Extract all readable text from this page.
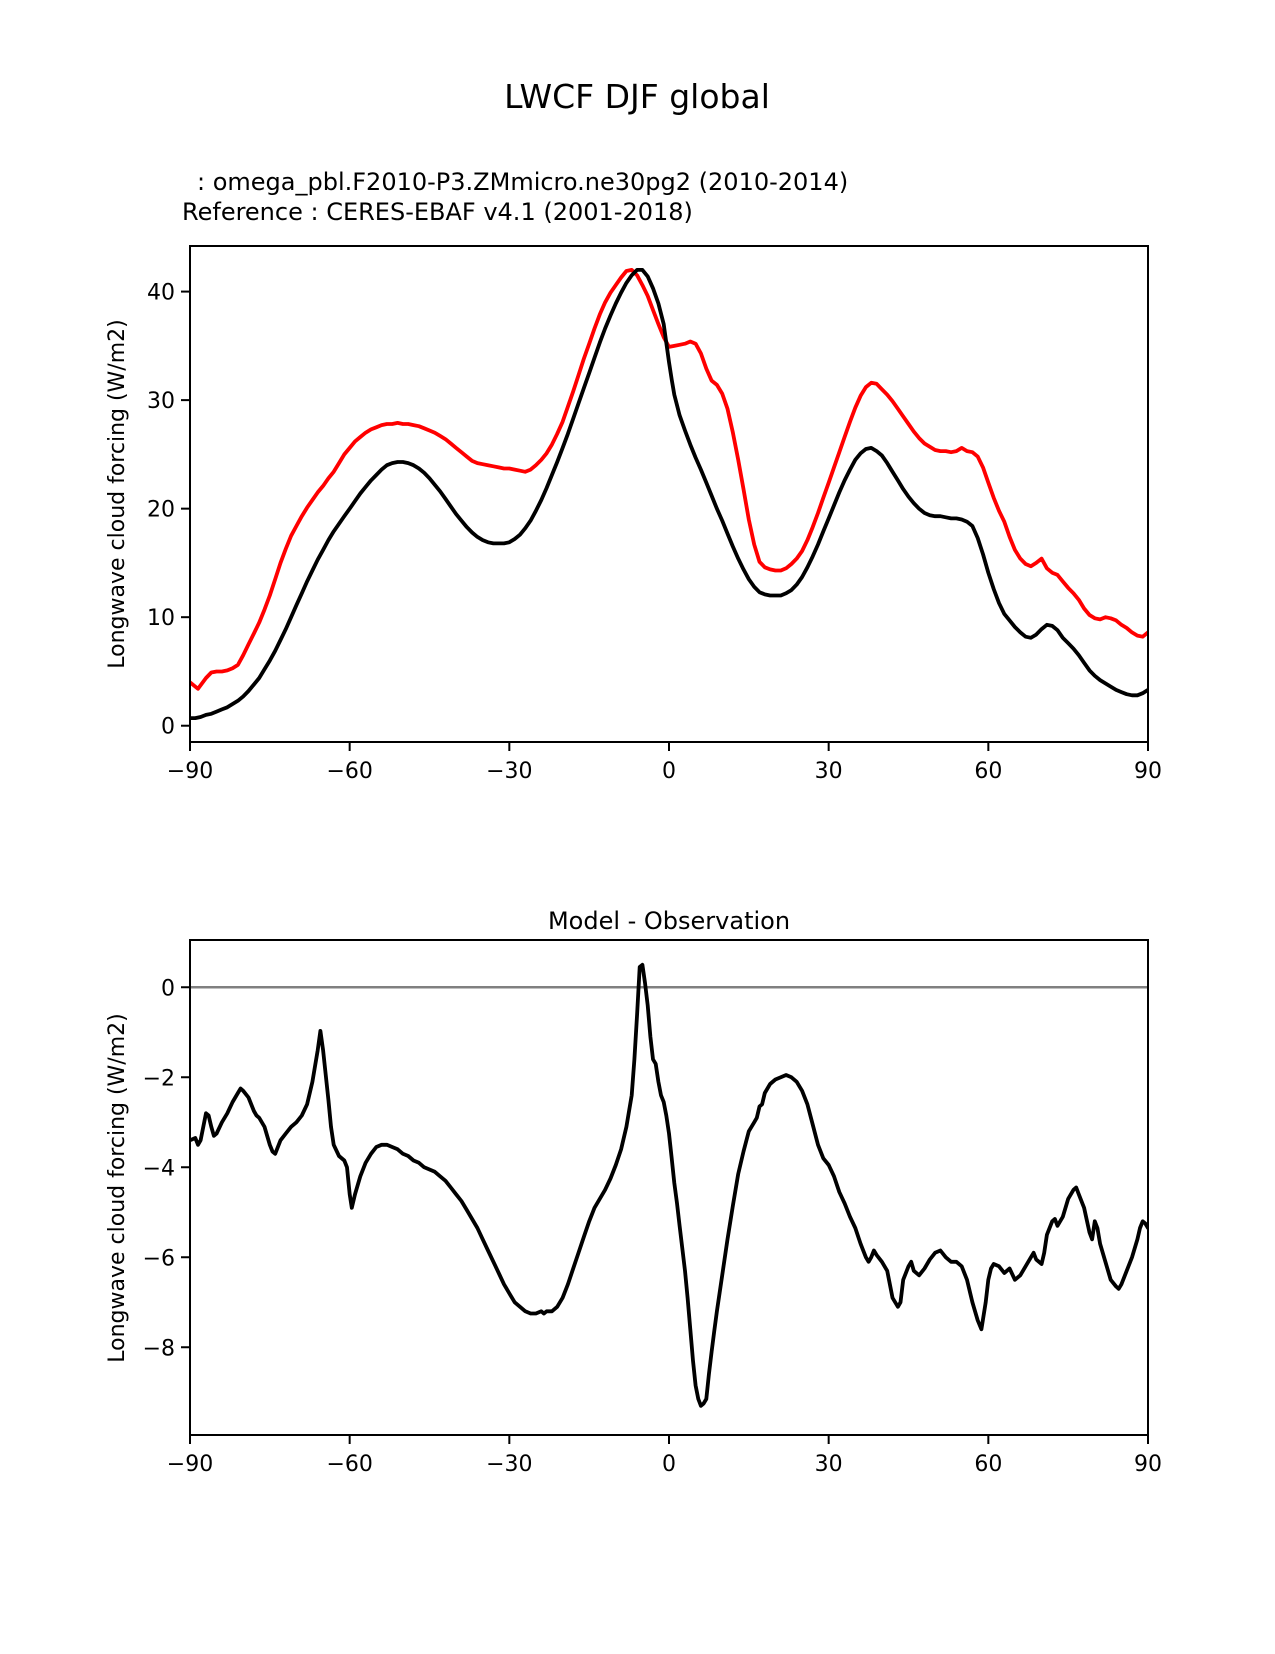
LWCF DJF global
: omega_pbl.F2010-P3.ZMmicro.ne30pg2 (2010-2014)
Reference : CERES-EBAF v4.1 (2001-2018)
Model - Observation
Longwave cloud forcing (W/m2)
Longwave cloud forcing (W/m2)
−90	−60	−30	0	30	60	90
0
10
20
30
40
−90	−60	−30	0	30	60	90
0
−2
−4
−6
−8
